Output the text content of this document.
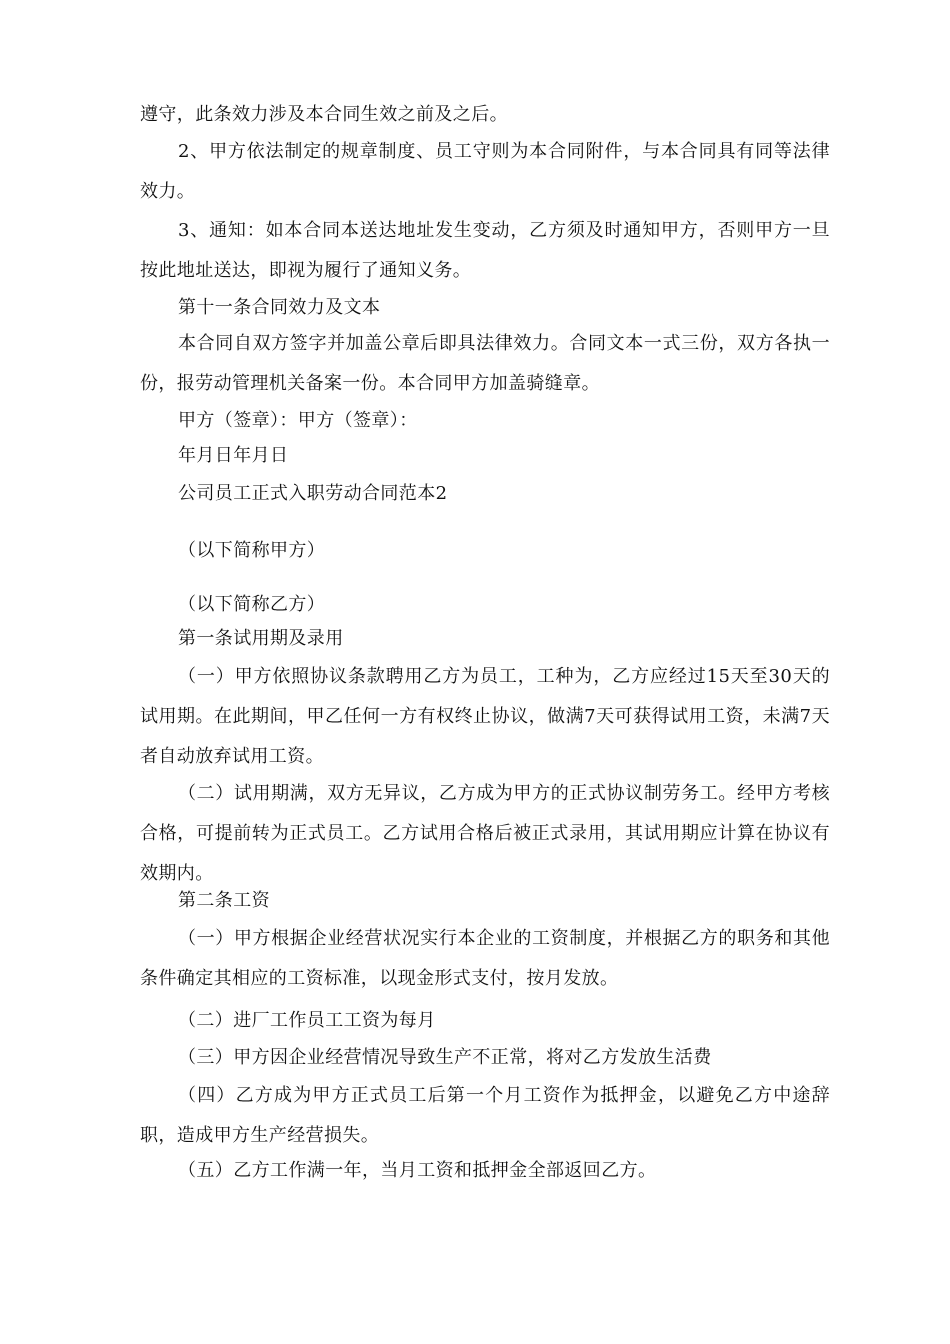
遵守，此条效力涉及本合同生效之前及之后。
2、甲方依法制定的规章制度、员工守则为本合同附件，与本合同具有同等法律效力。
3、通知：如本合同本送达地址发生变动，乙方须及时通知甲方，否则甲方一旦按此地址送达，即视为履行了通知义务。
第十一条合同效力及文本
本合同自双方签字并加盖公章后即具法律效力。合同文本一式三份，双方各执一份，报劳动管理机关备案一份。本合同甲方加盖骑缝章。
甲方（签章）：甲方（签章）：
年月日年月日
公司员工正式入职劳动合同范本2
（以下简称甲方）
（以下简称乙方）
第一条试用期及录用
（一）甲方依照协议条款聘用乙方为员工，工种为，乙方应经过15天至30天的试用期。在此期间，甲乙任何一方有权终止协议，做满7天可获得试用工资，未满7天者自动放弃试用工资。
（二）试用期满，双方无异议，乙方成为甲方的正式协议制劳务工。经甲方考核合格，可提前转为正式员工。乙方试用合格后被正式录用，其试用期应计算在协议有效期内。
第二条工资
（一）甲方根据企业经营状况实行本企业的工资制度，并根据乙方的职务和其他条件确定其相应的工资标准，以现金形式支付，按月发放。
（二）进厂工作员工工资为每月
（三）甲方因企业经营情况导致生产不正常，将对乙方发放生活费
（四）乙方成为甲方正式员工后第一个月工资作为抵押金，以避免乙方中途辞职，造成甲方生产经营损失。
（五）乙方工作满一年，当月工资和抵押金全部返回乙方。
